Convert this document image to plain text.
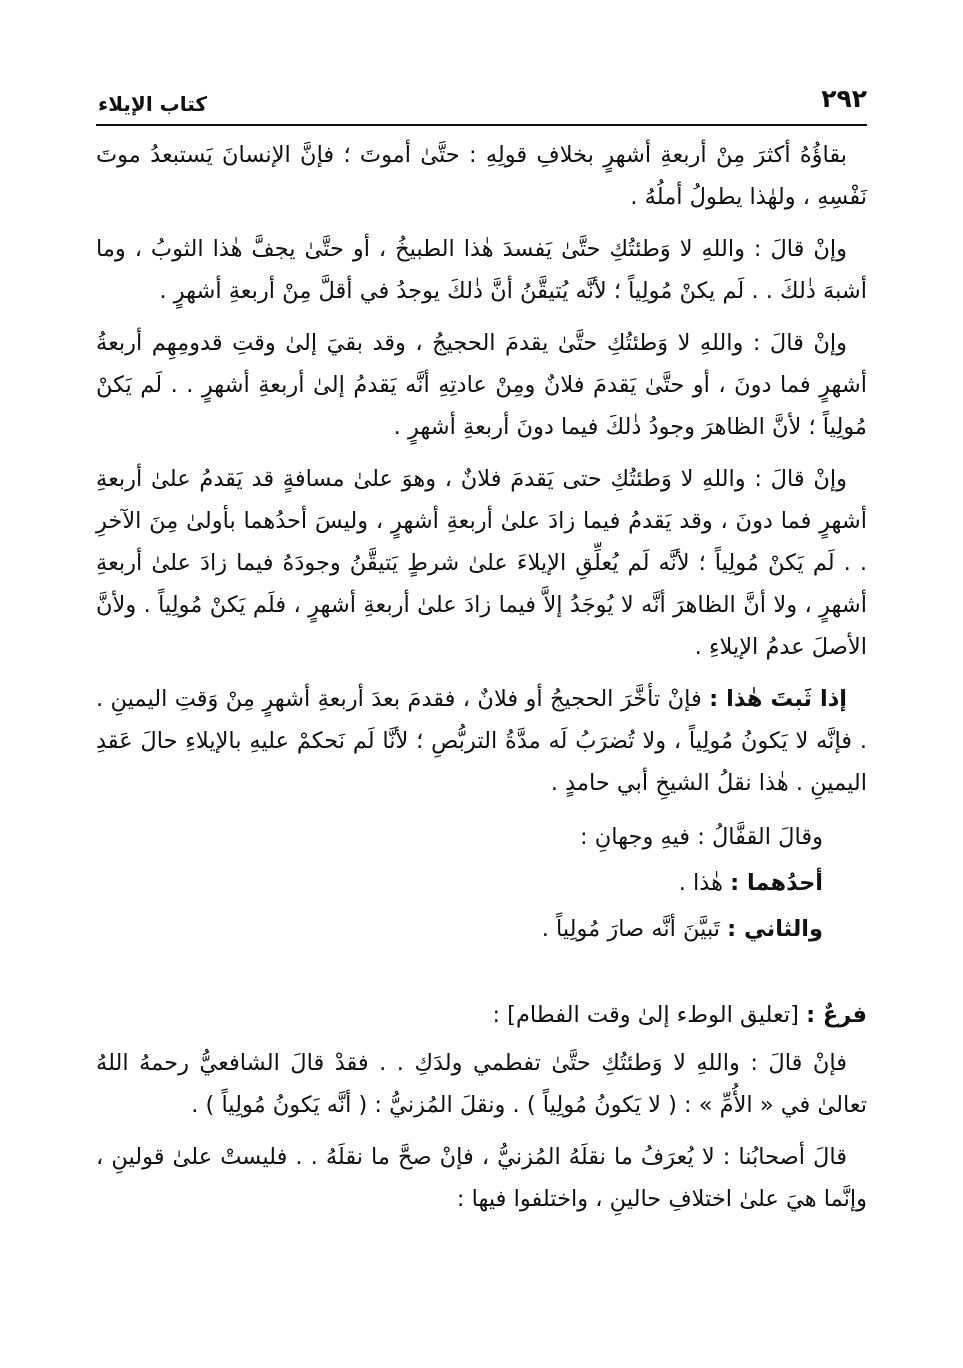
٢٩٢
كتاب الإيلاء

بقاؤُهُ أكثرَ مِنْ أربعةِ أشهرٍ بخلافِ قولِهِ : حتَّىٰ أموتَ ؛ فإنَّ الإنسانَ يَستبعدُ موتَ نَفْسِهِ ، ولهٰذا يطولُ أملُهُ .

وإنْ قالَ : واللهِ لا وَطئتُكِ حتَّىٰ يَفسدَ هٰذا الطبيخُ ، أو حتَّىٰ يجفَّ هٰذا الثوبُ ، وما أشبهَ ذٰلكَ . . لَم يكنْ مُولِياً ؛ لأنَّه يُتيقَّنُ أنَّ ذٰلكَ يوجدُ في أقلَّ مِنْ أربعةِ أشهرٍ .

وإنْ قالَ : واللهِ لا وَطئتُكِ حتَّىٰ يقدمَ الحجيجُ ، وقد بقيَ إلىٰ وقتِ قدومِهِم أربعةُ أشهرٍ فما دونَ ، أو حتَّىٰ يَقدمَ فلانٌ ومِنْ عادتِهِ أنَّه يَقدمُ إلىٰ أربعةِ أشهرٍ . . لَم يَكنْ مُولِياً ؛ لأنَّ الظاهرَ وجودُ ذٰلكَ فيما دونَ أربعةِ أشهرٍ .

وإنْ قالَ : واللهِ لا وَطئتُكِ حتى يَقدمَ فلانٌ ، وهوَ علىٰ مسافةٍ قد يَقدمُ علىٰ أربعةِ أشهرٍ فما دونَ ، وقد يَقدمُ فيما زادَ علىٰ أربعةِ أشهرٍ ، وليسَ أحدُهما بأولىٰ مِنَ الآخرِ . . لَم يَكنْ مُولِياً ؛ لأنَّه لَم يُعلِّقِ الإيلاءَ علىٰ شرطٍ يَتيقَّنُ وجودَهُ فيما زادَ علىٰ أربعةِ أشهرٍ ، ولا أنَّ الظاهرَ أنَّه لا يُوجَدُ إلاَّ فيما زادَ علىٰ أربعةِ أشهرٍ ، فلَم يَكنْ مُولِياً . ولأنَّ الأصلَ عدمُ الإيلاءِ .

إذا ثَبتَ هٰذا : فإنْ تأخَّرَ الحجيجُ أو فلانٌ ، فقدمَ بعدَ أربعةِ أشهرٍ مِنْ وَقتِ اليمينِ . . فإنَّه لا يَكونُ مُولِياً ، ولا تُضرَبُ لَه مدَّةُ التربُّصِ ؛ لأنَّا لَم نَحكمْ عليهِ بالإيلاءِ حالَ عَقدِ اليمينِ . هٰذا نقلُ الشيخِ أبي حامدٍ .

وقالَ القفَّالُ : فيهِ وجهانِ :

أحدُهما : هٰذا .

والثاني : تَبيَّنَ أنَّه صارَ مُولِياً .

فرعٌ : [تعليق الوطء إلىٰ وقت الفطام] :

فإنْ قالَ : واللهِ لا وَطئتُكِ حتَّىٰ تفطمي ولدَكِ . . فقدْ قالَ الشافعيُّ رحمهُ اللهُ تعالىٰ في « الأُمِّ » : ( لا يَكونُ مُولِياً ) . ونقلَ المُزنيُّ : ( أنَّه يَكونُ مُولِياً ) .

قالَ أصحابُنا : لا يُعرَفُ ما نقلَهُ المُزنيُّ ، فإنْ صحَّ ما نقلَهُ . . فليستْ علىٰ قولينِ ، وإنَّما هيَ علىٰ اختلافِ حالينِ ، واختلفوا فيها :
